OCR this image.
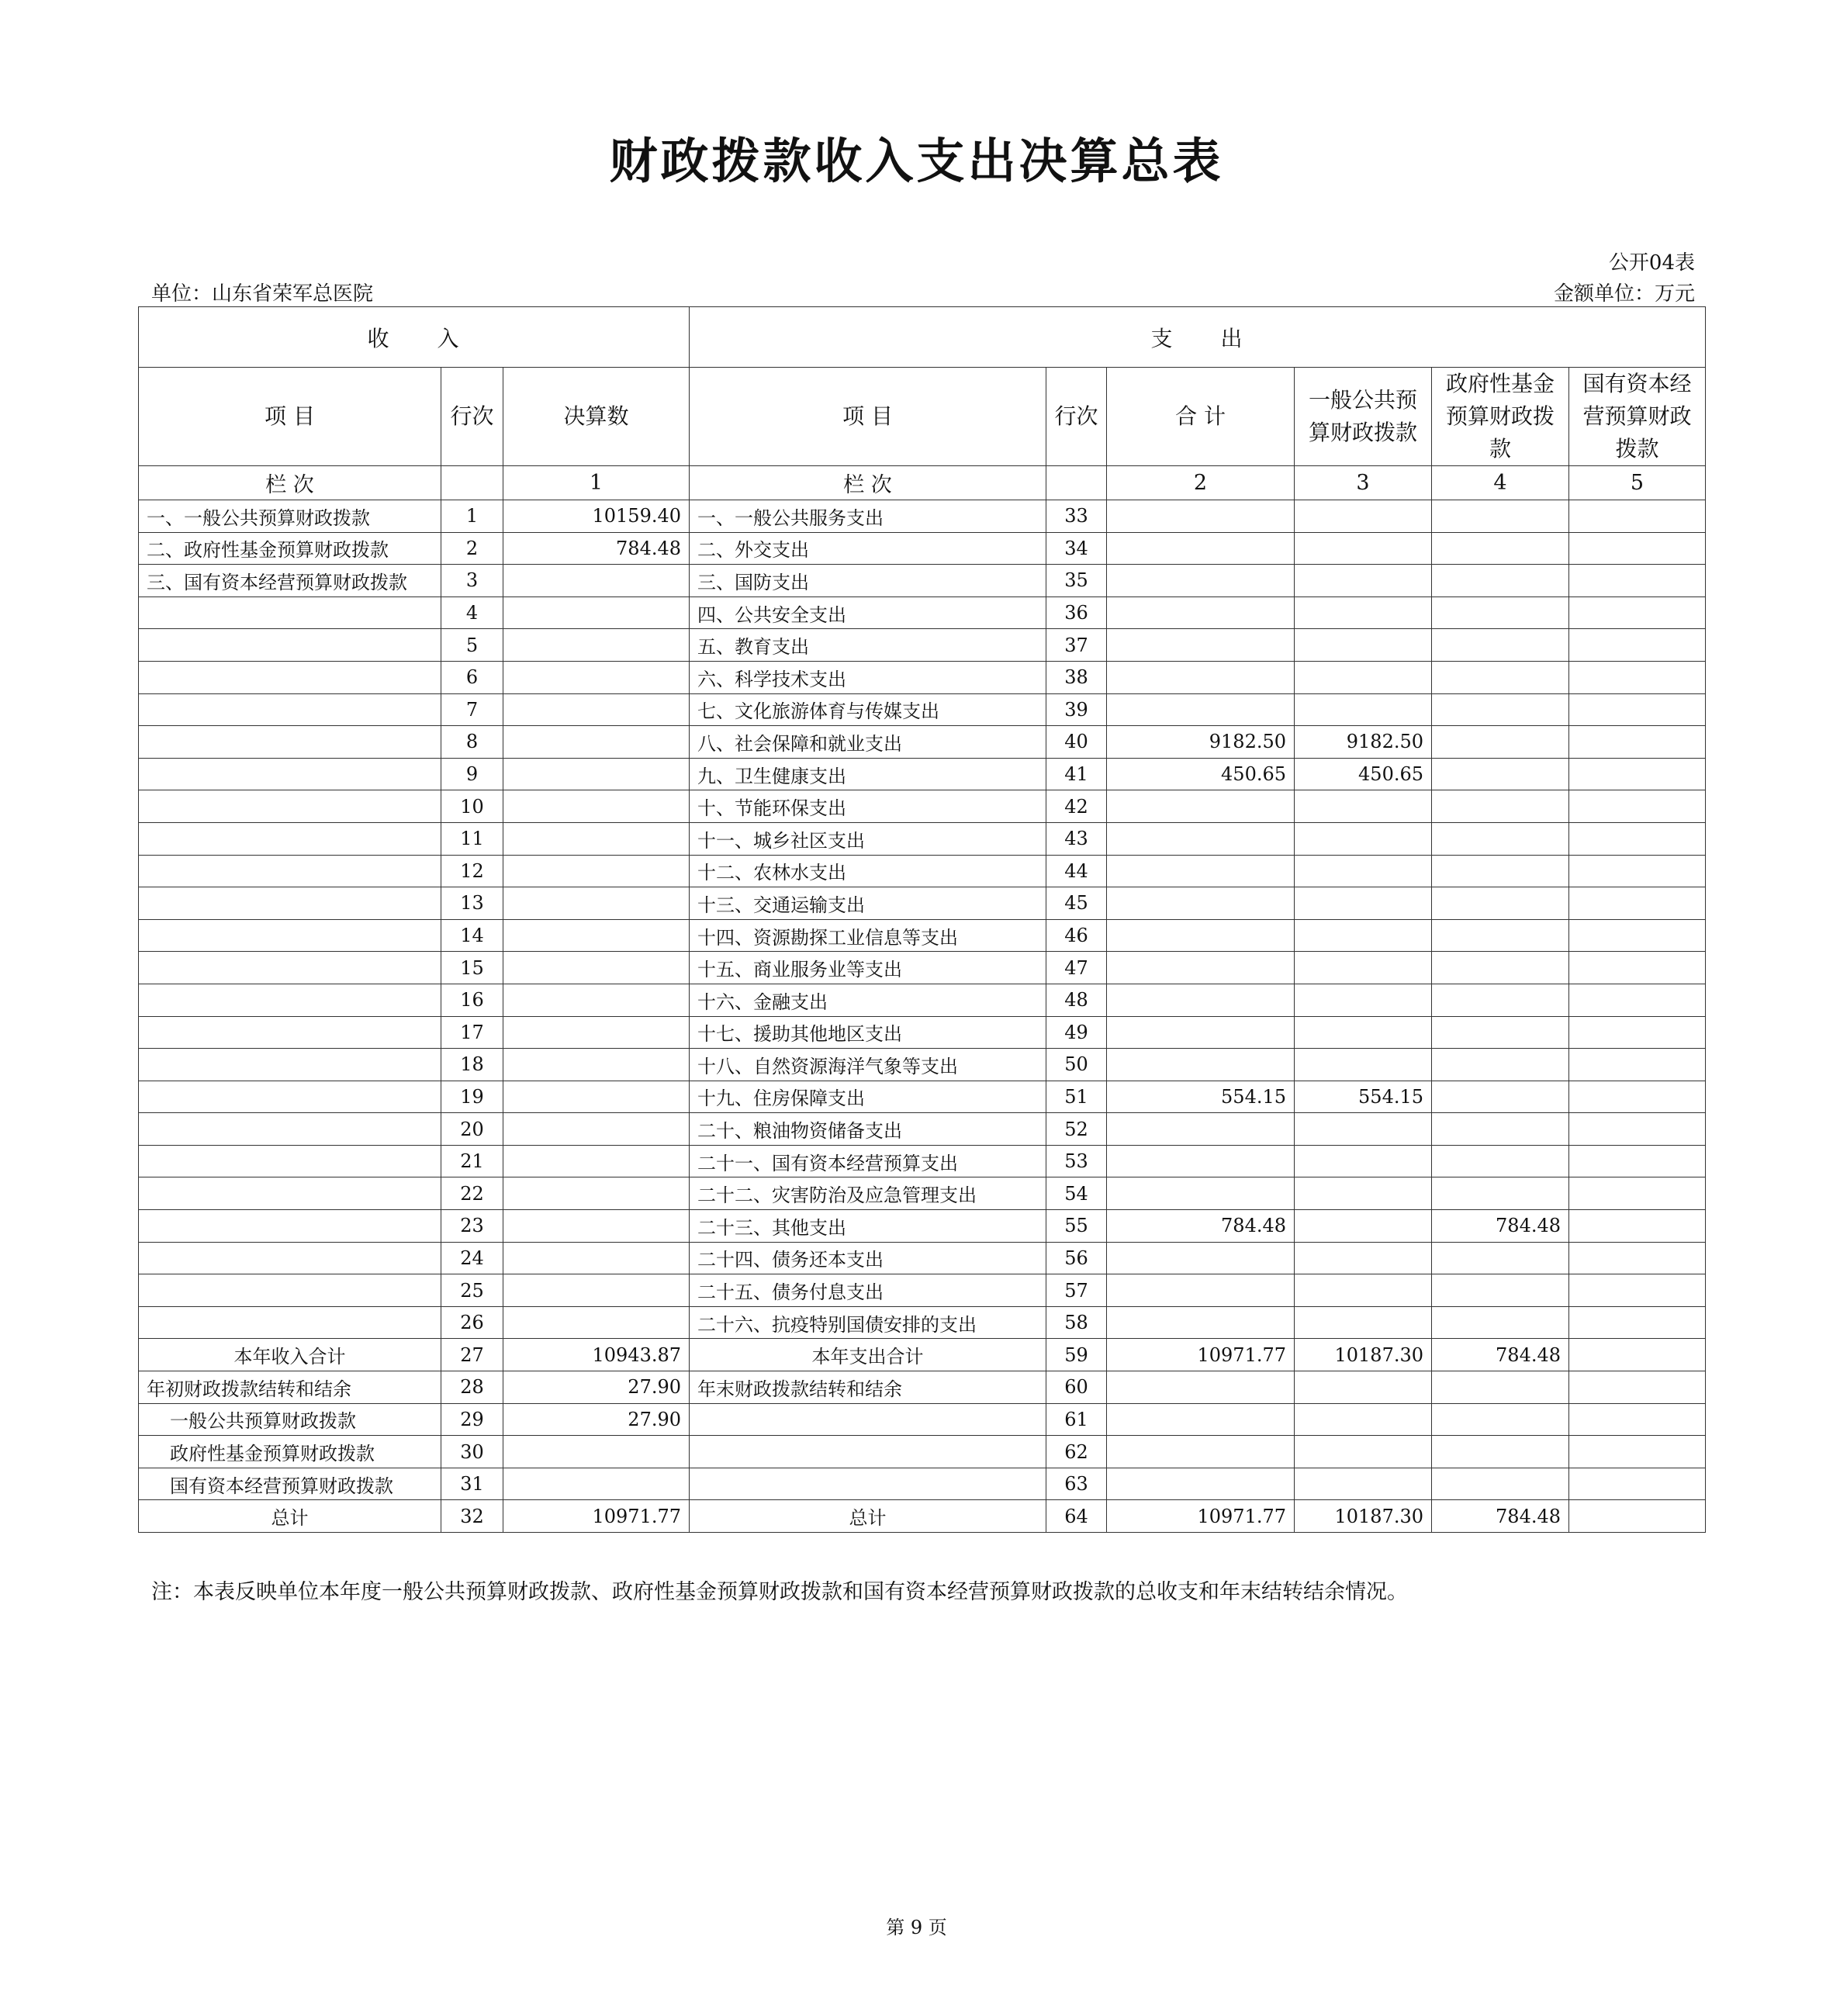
财政拨款收入支出决算总表
公开04表
单位：山东省荣军总医院	金额单位：万元
收　　入			支　　出					
项 目	行次	决算数	项 目	行次	合 计	一般公共预算财政拨款	政府性基金预算财政拨款	国有资本经营预算财政拨款
栏 次		1	栏 次		2	3	4	5
一、一般公共预算财政拨款	1	10159.40	一、一般公共服务支出	33				
二、政府性基金预算财政拨款	2	784.48	二、外交支出	34				
三、国有资本经营预算财政拨款	3		三、国防支出	35				
	4		四、公共安全支出	36				
	5		五、教育支出	37				
	6		六、科学技术支出	38				
	7		七、文化旅游体育与传媒支出	39				
	8		八、社会保障和就业支出	40	9182.50	9182.50		
	9		九、卫生健康支出	41	450.65	450.65		
	10		十、节能环保支出	42				
	11		十一、城乡社区支出	43				
	12		十二、农林水支出	44				
	13		十三、交通运输支出	45				
	14		十四、资源勘探工业信息等支出	46				
	15		十五、商业服务业等支出	47				
	16		十六、金融支出	48				
	17		十七、援助其他地区支出	49				
	18		十八、自然资源海洋气象等支出	50				
	19		十九、住房保障支出	51	554.15	554.15		
	20		二十、粮油物资储备支出	52				
	21		二十一、国有资本经营预算支出	53				
	22		二十二、灾害防治及应急管理支出	54				
	23		二十三、其他支出	55	784.48		784.48	
	24		二十四、债务还本支出	56				
	25		二十五、债务付息支出	57				
	26		二十六、抗疫特别国债安排的支出	58				
本年收入合计	27	10943.87	本年支出合计	59	10971.77	10187.30	784.48	
年初财政拨款结转和结余	28	27.90	年末财政拨款结转和结余	60				
一般公共预算财政拨款	29	27.90		61				
政府性基金预算财政拨款	30			62				
国有资本经营预算财政拨款	31			63				
总计	32	10971.77	总计	64	10971.77	10187.30	784.48	
注：本表反映单位本年度一般公共预算财政拨款、政府性基金预算财政拨款和国有资本经营预算财政拨款的总收支和年末结转结余情况。
第 9 页
